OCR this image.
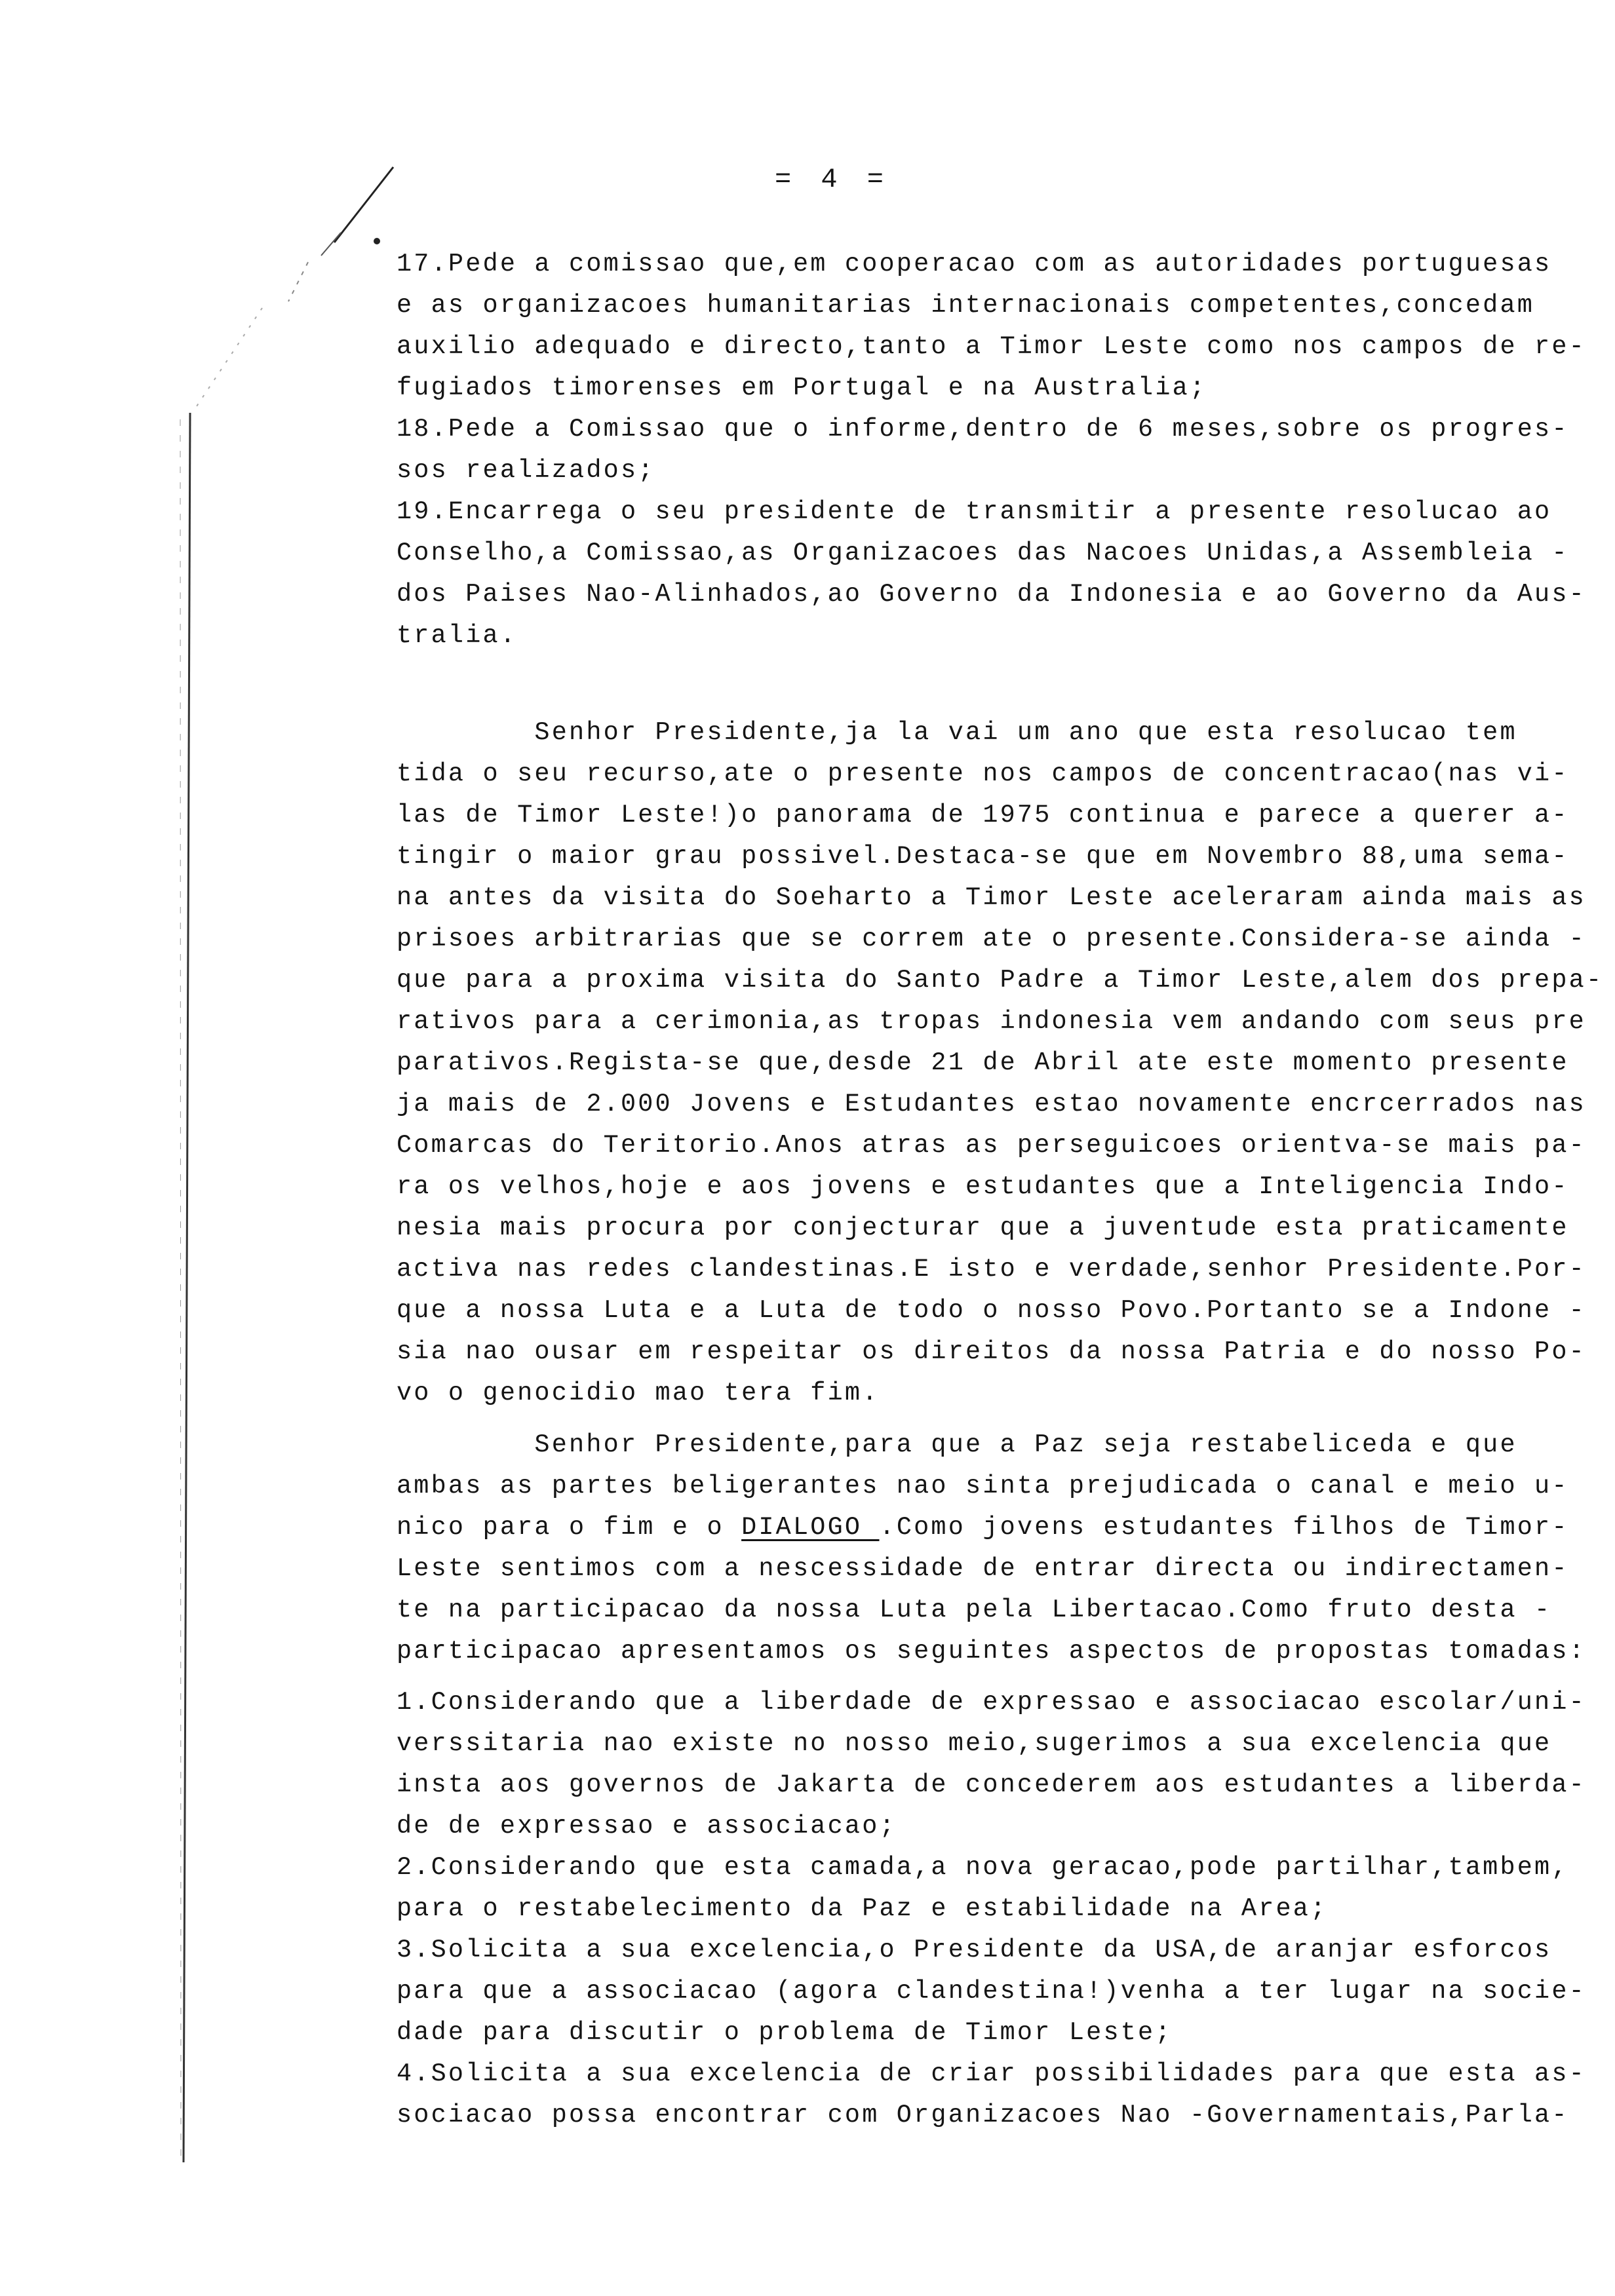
= 4 =
17.Pede a comissao que,em cooperacao com as autoridades portuguesas
e as organizacoes humanitarias internacionais competentes,concedam
auxilio adequado e directo,tanto a Timor Leste como nos campos de re-
fugiados timorenses em Portugal e na Australia;
18.Pede a Comissao que o informe,dentro de 6 meses,sobre os progres-
sos realizados;
19.Encarrega o seu presidente de transmitir a presente resolucao ao
Conselho,a Comissao,as Organizacoes das Nacoes Unidas,a Assembleia -
dos Paises Nao-Alinhados,ao Governo da Indonesia e ao Governo da Aus-
tralia.
Senhor Presidente,ja la vai um ano que esta resolucao tem
tida o seu recurso,ate o presente nos campos de concentracao(nas vi-
las de Timor Leste!)o panorama de 1975 continua e parece a querer a-
tingir o maior grau possivel.Destaca-se que em Novembro 88,uma sema-
na antes da visita do Soeharto a Timor Leste aceleraram ainda mais as
prisoes arbitrarias que se correm ate o presente.Considera-se ainda -
que para a proxima visita do Santo Padre a Timor Leste,alem dos prepa-
rativos para a cerimonia,as tropas indonesia vem andando com seus pre
parativos.Regista-se que,desde 21 de Abril ate este momento presente
ja mais de 2.000 Jovens e Estudantes estao novamente encrcerrados nas
Comarcas do Teritorio.Anos atras as perseguicoes orientva-se mais pa-
ra os velhos,hoje e aos jovens e estudantes que a Inteligencia Indo-
nesia mais procura por conjecturar que a juventude esta praticamente
activa nas redes clandestinas.E isto e verdade,senhor Presidente.Por-
que a nossa Luta e a Luta de todo o nosso Povo.Portanto se a Indone -
sia nao ousar em respeitar os direitos da nossa Patria e do nosso Po-
vo o genocidio mao tera fim.
Senhor Presidente,para que a Paz seja restabeliceda e que
ambas as partes beligerantes nao sinta prejudicada o canal e meio u-
nico para o fim e o DIALOGO .Como jovens estudantes filhos de Timor-
Leste sentimos com a nescessidade de entrar directa ou indirectamen-
te na participacao da nossa Luta pela Libertacao.Como fruto desta -
participacao apresentamos os seguintes aspectos de propostas tomadas:
1.Considerando que a liberdade de expressao e associacao escolar/uni-
verssitaria nao existe no nosso meio,sugerimos a sua excelencia que
insta aos governos de Jakarta de concederem aos estudantes a liberda-
de de expressao e associacao;
2.Considerando que esta camada,a nova geracao,pode partilhar,tambem,
para o restabelecimento da Paz e estabilidade na Area;
3.Solicita a sua excelencia,o Presidente da USA,de aranjar esforcos
para que a associacao (agora clandestina!)venha a ter lugar na socie-
dade para discutir o problema de Timor Leste;
4.Solicita a sua excelencia de criar possibilidades para que esta as-
sociacao possa encontrar com Organizacoes Nao -Governamentais,Parla-
